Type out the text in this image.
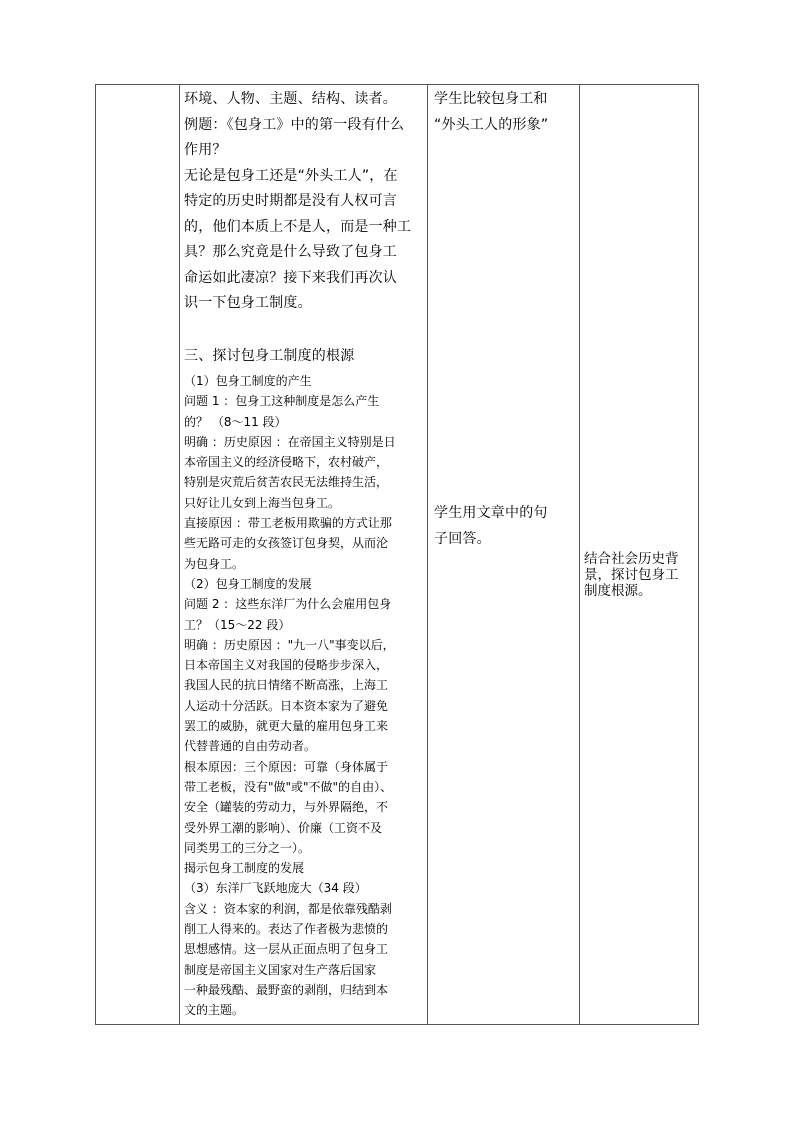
环境、人物、主题、结构、读者。

例题：《包身工》中的第一段有什么

作用？

无论是包身工还是“外头工人”，在

特定的历史时期都是没有人权可言

的，他们本质上不是人，而是一种工

具？那么究竟是什么导致了包身工

命运如此凄凉？接下来我们再次认

识一下包身工制度。

三、探讨包身工制度的根源

（1）包身工制度的产生

问题 1 ：包身工这种制度是怎么产生

的？ （8～11 段）

明确 ：历史原因 ：在帝国主义特别是日

本帝国主义的经济侵略下，农村破产，

特别是灾荒后贫苦农民无法维持生活，

只好让儿女到上海当包身工。

直接原因 ：带工老板用欺骗的方式让那

些无路可走的女孩签订包身契，从而沦

为包身工。

（2）包身工制度的发展

问题 2 ：这些东洋厂为什么会雇用包身

工？（15～22 段）

明确 ：历史原因 ："九一八"事变以后，

日本帝国主义对我国的侵略步步深入，

我国人民的抗日情绪不断高涨，上海工

人运动十分活跃。日本资本家为了避免

罢工的威胁，就更大量的雇用包身工来

代替普通的自由劳动者。

根本原因：三个原因：可靠（身体属于

带工老板，没有"做"或"不做"的自由）、

安全（罐装的劳动力，与外界隔绝，不

受外界工潮的影响）、价廉（工资不及

同类男工的三分之一）。

揭示包身工制度的发展

（3）东洋厂飞跃地庞大（34 段）

含义 ：资本家的利润，都是依靠残酷剥

削工人得来的。表达了作者极为悲愤的

思想感情。这一层从正面点明了包身工

制度是帝国主义国家对生产落后国家

一种最残酷、最野蛮的剥削，归结到本

文的主题。

学生比较包身工和

“外头工人的形象”

学生用文章中的句

子回答。

结合社会历史背

景，探讨包身工

制度根源。
